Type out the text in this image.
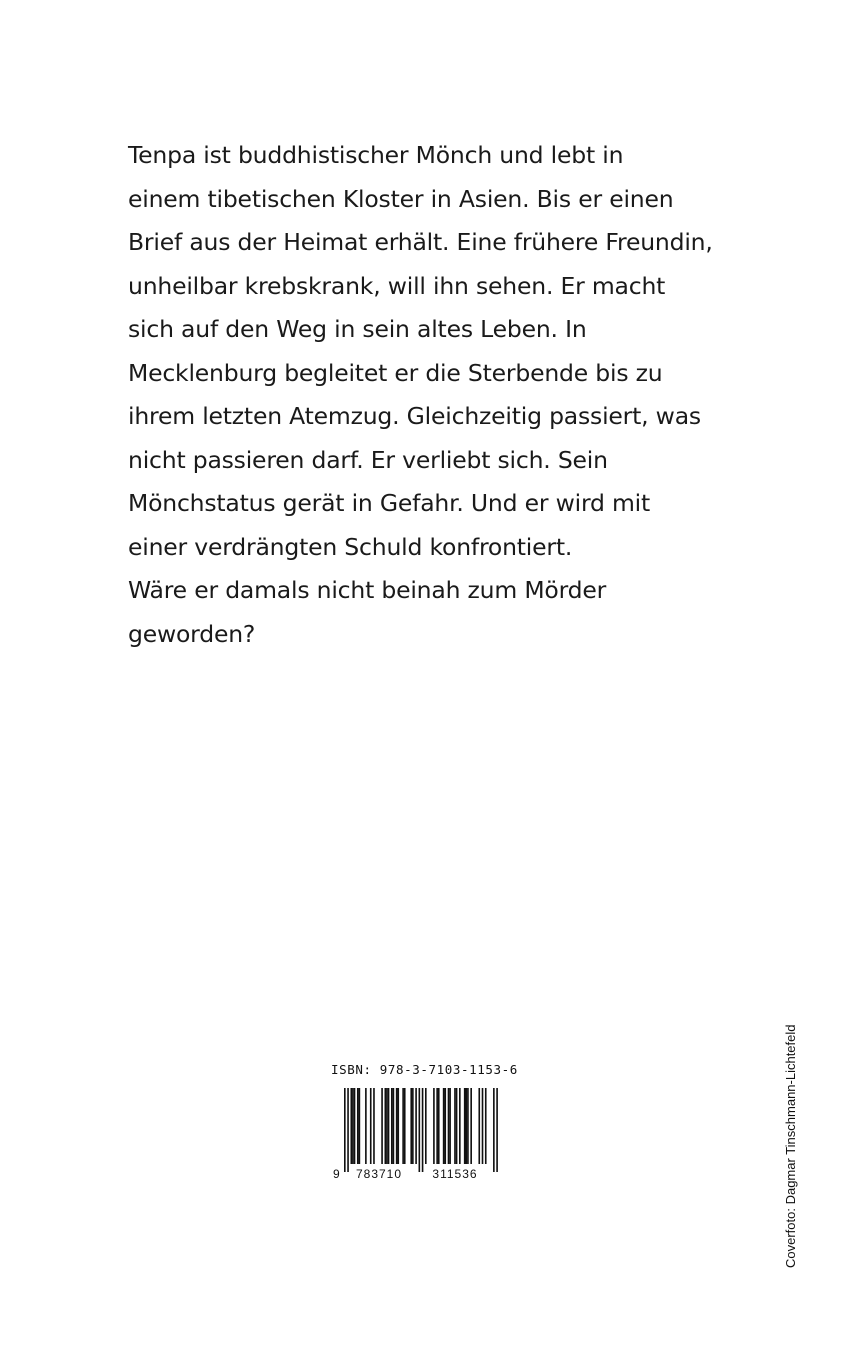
Tenpa ist buddhistischer Mönch und lebt in
einem tibetischen Kloster in Asien. Bis er einen
Brief aus der Heimat erhält. Eine frühere Freundin,
unheilbar krebskrank, will ihn sehen. Er macht
sich auf den Weg in sein altes Leben. In
Mecklenburg begleitet er die Sterbende bis zu
ihrem letzten Atemzug. Gleichzeitig passiert, was
nicht passieren darf. Er verliebt sich. Sein
Mönchstatus gerät in Gefahr. Und er wird mit
einer verdrängten Schuld konfrontiert.
Wäre er damals nicht beinah zum Mörder
geworden?
ISBN: 978-3-7103-1153-6
9 783710	311536	Coverfoto: Dagmar Tinschmann-Lichtefeld
